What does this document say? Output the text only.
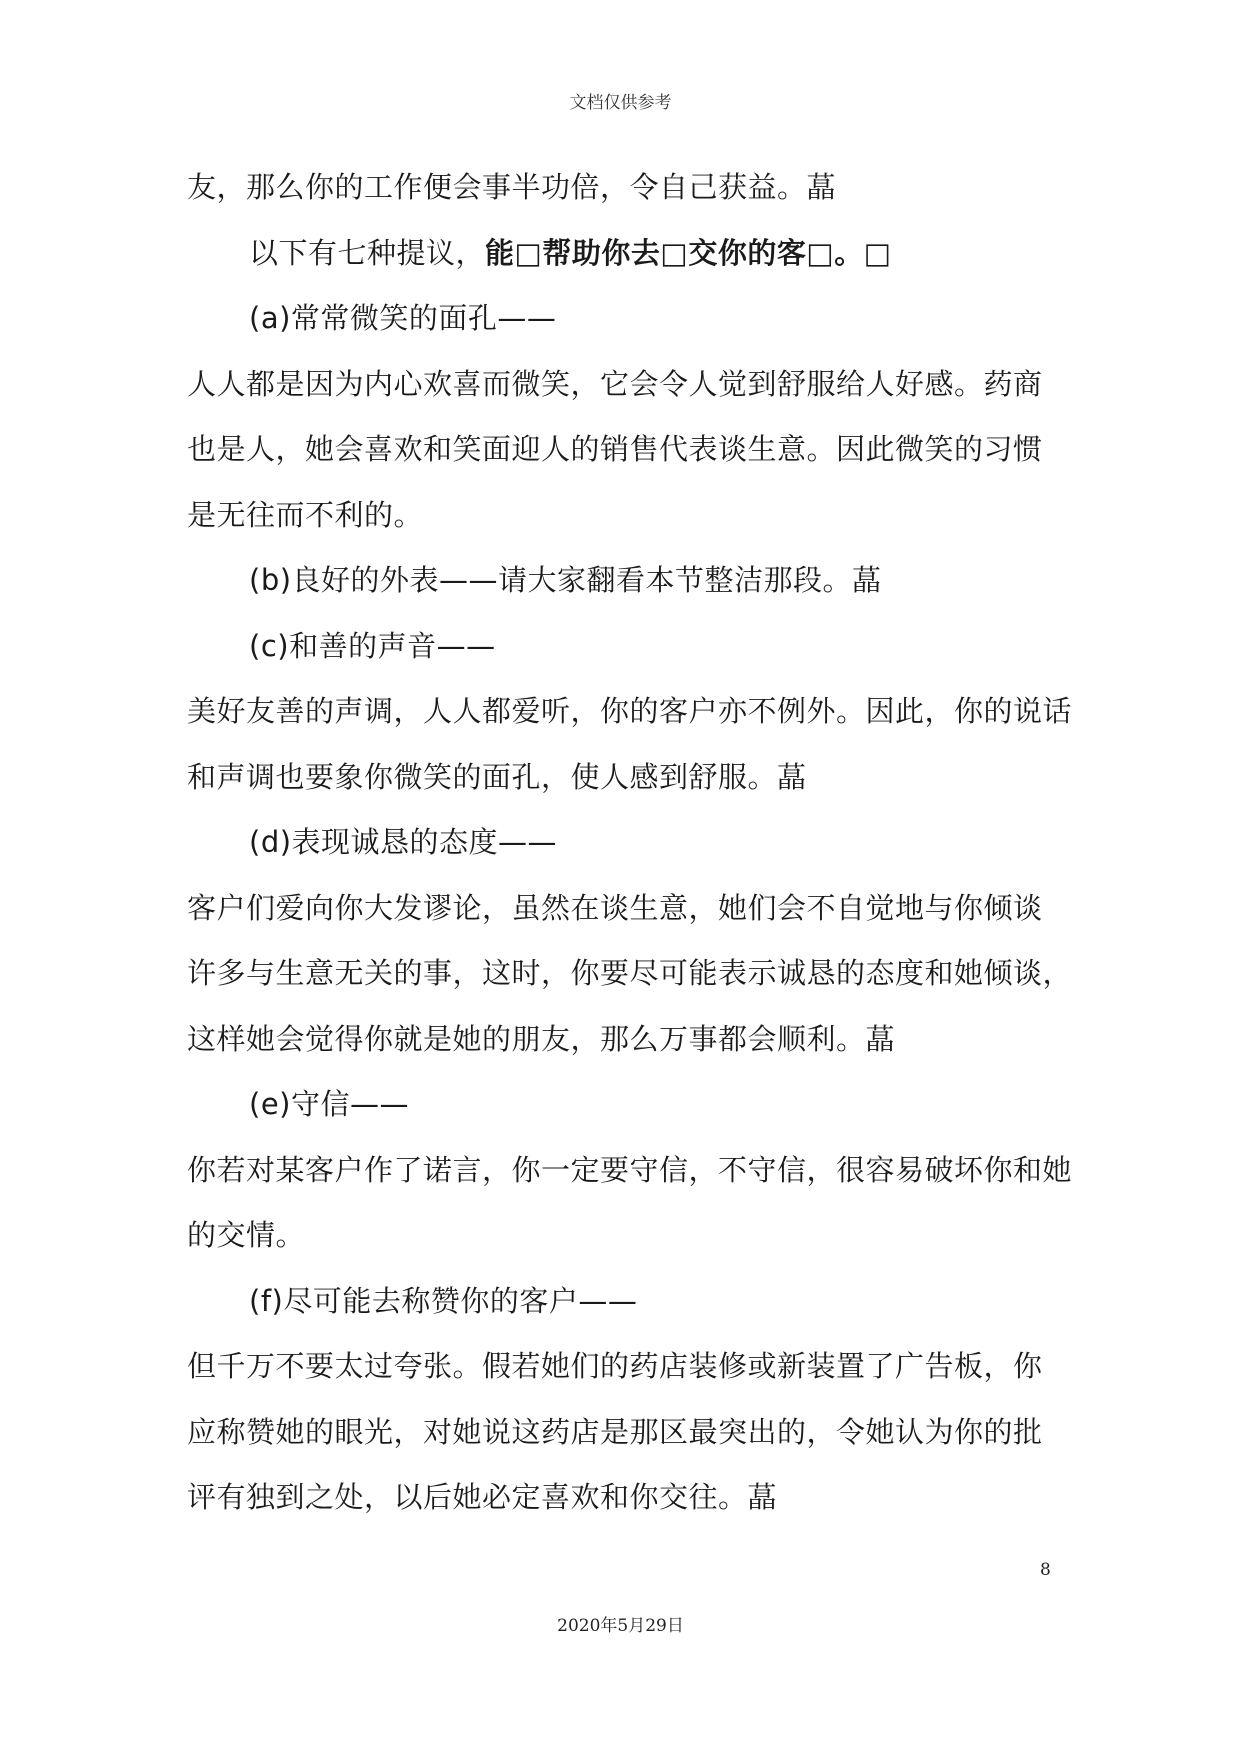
文档仅供参考
友，那么你的工作便会事半功倍，令自己获益。蕌
以下有七种提议，能□帮助你去□交你的客□。□
(a)常常微笑的面孔——
人人都是因为内心欢喜而微笑，它会令人觉到舒服给人好感。药商
也是人，她会喜欢和笑面迎人的销售代表谈生意。因此微笑的习惯
是无往而不利的。
(b)良好的外表——请大家翻看本节整洁那段。蕌
(c)和善的声音——
美好友善的声调，人人都爱听，你的客户亦不例外。因此，你的说话
和声调也要象你微笑的面孔，使人感到舒服。蕌
(d)表现诚恳的态度——
客户们爱向你大发谬论，虽然在谈生意，她们会不自觉地与你倾谈
许多与生意无关的事，这时，你要尽可能表示诚恳的态度和她倾谈，
这样她会觉得你就是她的朋友，那么万事都会顺利。蕌
(e)守信——
你若对某客户作了诺言，你一定要守信，不守信，很容易破坏你和她
的交情。
(f)尽可能去称赞你的客户——
但千万不要太过夸张。假若她们的药店装修或新装置了广告板，你
应称赞她的眼光，对她说这药店是那区最突出的，令她认为你的批
评有独到之处，以后她必定喜欢和你交往。蕌
8
2020年5月29日
